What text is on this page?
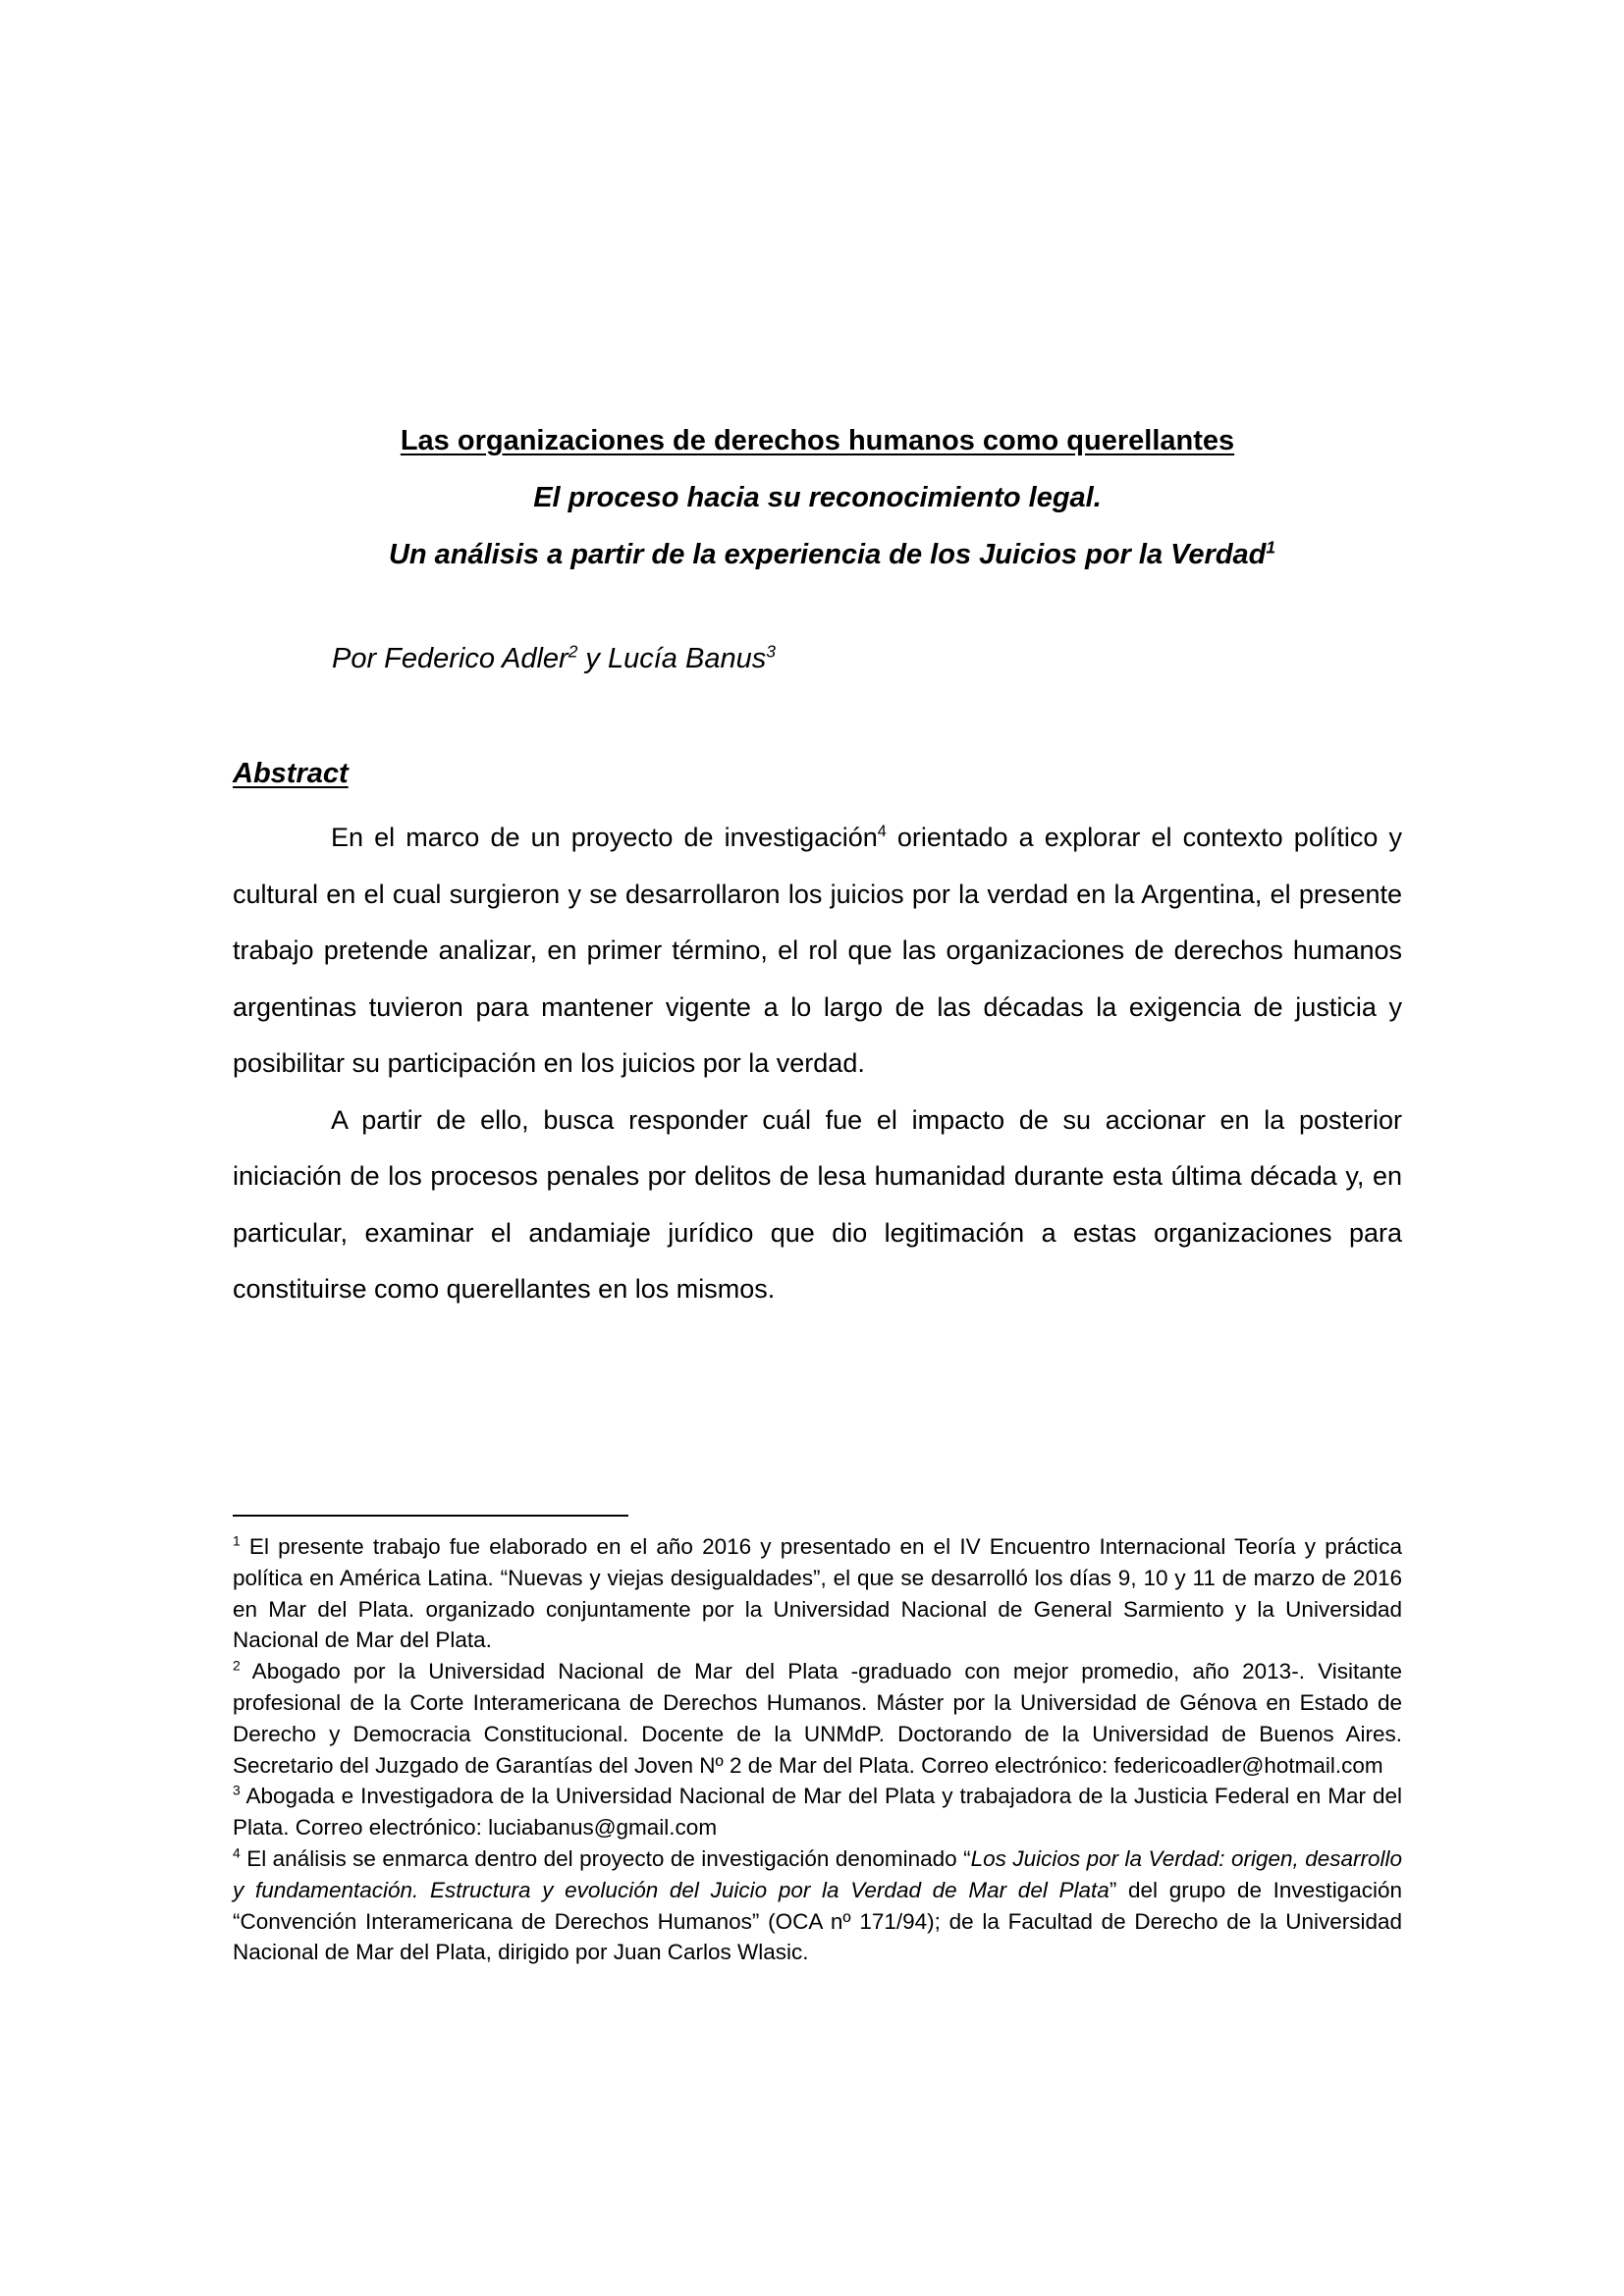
Las organizaciones de derechos humanos como querellantes
El proceso hacia su reconocimiento legal.
Un análisis a partir de la experiencia de los Juicios por la Verdad$^1$
Por Federico Adler$^2$ y Lucía Banus$^3$
Abstract

En el marco de un proyecto de investigación$^4$ orientado a explorar el contexto político y cultural en el cual surgieron y se desarrollaron los juicios por la verdad en la Argentina, el presente trabajo pretende analizar, en primer término, el rol que las organizaciones de derechos humanos argentinas tuvieron para mantener vigente a lo largo de las décadas la exigencia de justicia y posibilitar su participación en los juicios por la verdad.

A partir de ello, busca responder cuál fue el impacto de su accionar en la posterior iniciación de los procesos penales por delitos de lesa humanidad durante esta última década y, en particular, examinar el andamiaje jurídico que dio legitimación a estas organizaciones para constituirse como querellantes en los mismos.

$^1$ El presente trabajo fue elaborado en el año 2016 y presentado en el IV Encuentro Internacional Teoría y práctica política en América Latina. “Nuevas y viejas desigualdades”, el que se desarrolló los días 9, 10 y 11 de marzo de 2016 en Mar del Plata. organizado conjuntamente por la Universidad Nacional de General Sarmiento y la Universidad Nacional de Mar del Plata.

$^2$ Abogado por la Universidad Nacional de Mar del Plata -graduado con mejor promedio, año 2013-. Visitante profesional de la Corte Interamericana de Derechos Humanos. Máster por la Universidad de Génova en Estado de Derecho y Democracia Constitucional. Docente de la UNMdP. Doctorando de la Universidad de Buenos Aires. Secretario del Juzgado de Garantías del Joven Nº 2 de Mar del Plata. Correo electrónico: federicoadler@hotmail.com

$^3$ Abogada e Investigadora de la Universidad Nacional de Mar del Plata y trabajadora de la Justicia Federal en Mar del Plata. Correo electrónico: luciabanus@gmail.com

$^4$ El análisis se enmarca dentro del proyecto de investigación denominado “Los Juicios por la Verdad: origen, desarrollo y fundamentación. Estructura y evolución del Juicio por la Verdad de Mar del Plata” del grupo de Investigación “Convención Interamericana de Derechos Humanos” (OCA nº 171/94); de la Facultad de Derecho de la Universidad Nacional de Mar del Plata, dirigido por Juan Carlos Wlasic.
